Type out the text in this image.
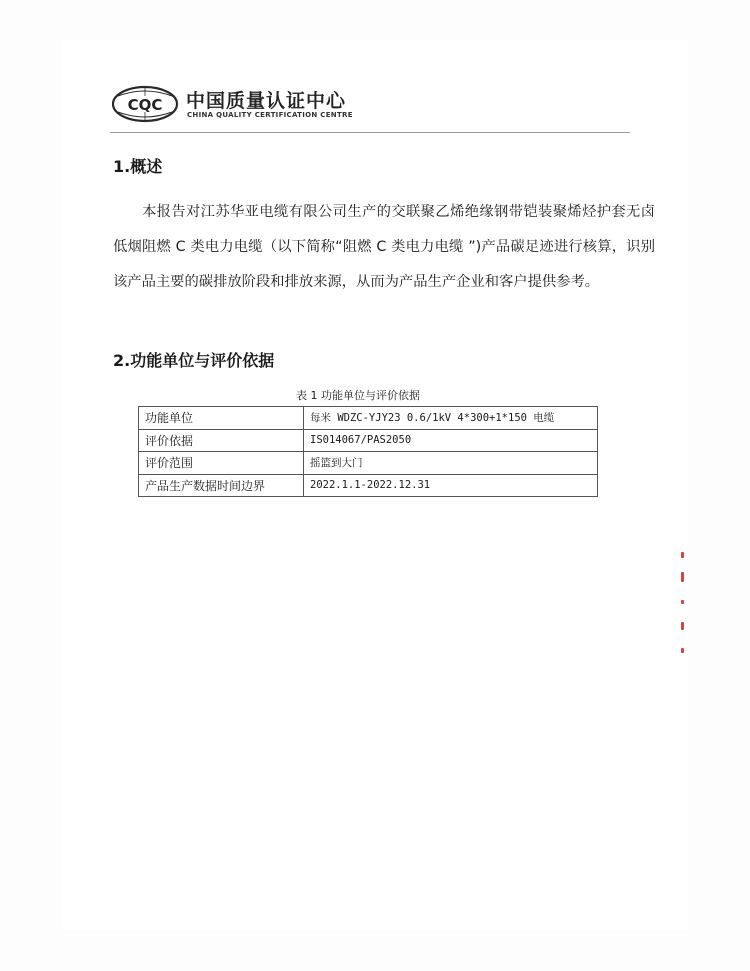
CQC 中国质量认证中心
CHINA QUALITY CERTIFICATION CENTRE
1.概述

本报告对江苏华亚电缆有限公司生产的交联聚乙烯绝缘钢带铠装聚烯烃护套无卤低烟阻燃 C 类电力电缆（以下简称“阻燃 C 类电力电缆 ”)产品碳足迹进行核算，识别该产品主要的碳排放阶段和排放来源，从而为产品生产企业和客户提供参考。

2.功能单位与评价依据
表 1 功能单位与评价依据
功能单位	每米 WDZC-YJY23 0.6/1kV 4*300+1*150 电缆
评价依据	IS014067/PAS2050
评价范围	摇篮到大门
产品生产数据时间边界	2022.1.1-2022.12.31
